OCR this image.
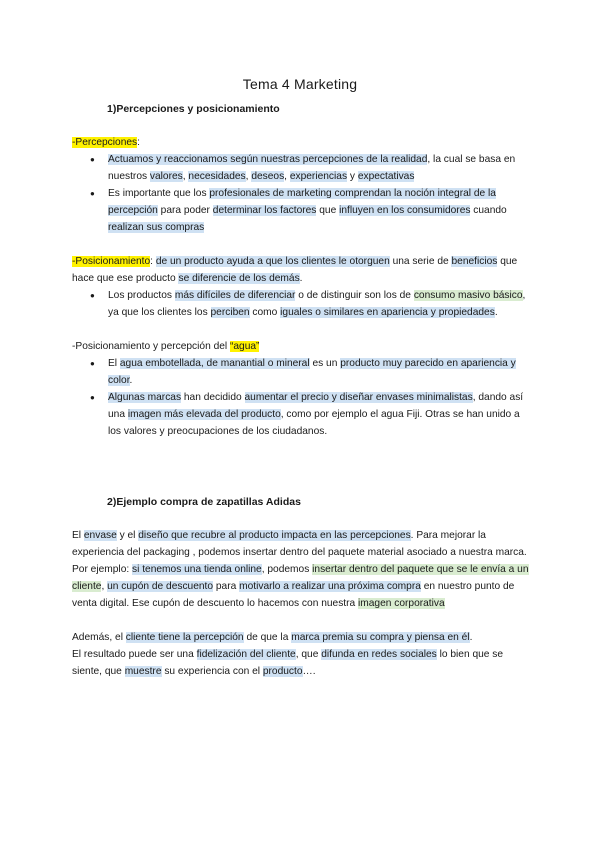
Tema 4 Marketing
1)Percepciones y posicionamiento

-Percepciones:

● Actuamos y reaccionamos según nuestras percepciones de la realidad, la cual se basa en nuestros valores, necesidades, deseos, experiencias y expectativas
● Es importante que los profesionales de marketing comprendan la noción integral de la percepción para poder determinar los factores que influyen en los consumidores cuando realizan sus compras

-Posicionamiento: de un producto ayuda a que los clientes le otorguen una serie de beneficios que hace que ese producto se diferencie de los demás.

● Los productos más difíciles de diferenciar o de distinguir son los de consumo masivo básico, ya que los clientes los perciben como iguales o similares en apariencia y propiedades.

-Posicionamiento y percepción del “agua”

● El agua embotellada, de manantial o mineral es un producto muy parecido en apariencia y color.
● Algunas marcas han decidido aumentar el precio y diseñar envases minimalistas, dando así una imagen más elevada del producto, como por ejemplo el agua Fiji. Otras se han unido a los valores y preocupaciones de los ciudadanos.
2)Ejemplo compra de zapatillas Adidas

El envase y el diseño que recubre al producto impacta en las percepciones. Para mejorar la experiencia del packaging , podemos insertar dentro del paquete material asociado a nuestra marca.

Por ejemplo: si tenemos una tienda online, podemos insertar dentro del paquete que se le envía a un cliente, un cupón de descuento para motivarlo a realizar una próxima compra en nuestro punto de venta digital. Ese cupón de descuento lo hacemos con nuestra imagen corporativa

Además, el cliente tiene la percepción de que la marca premia su compra y piensa en él.

El resultado puede ser una fidelización del cliente, que difunda en redes sociales lo bien que se siente, que muestre su experiencia con el producto….
